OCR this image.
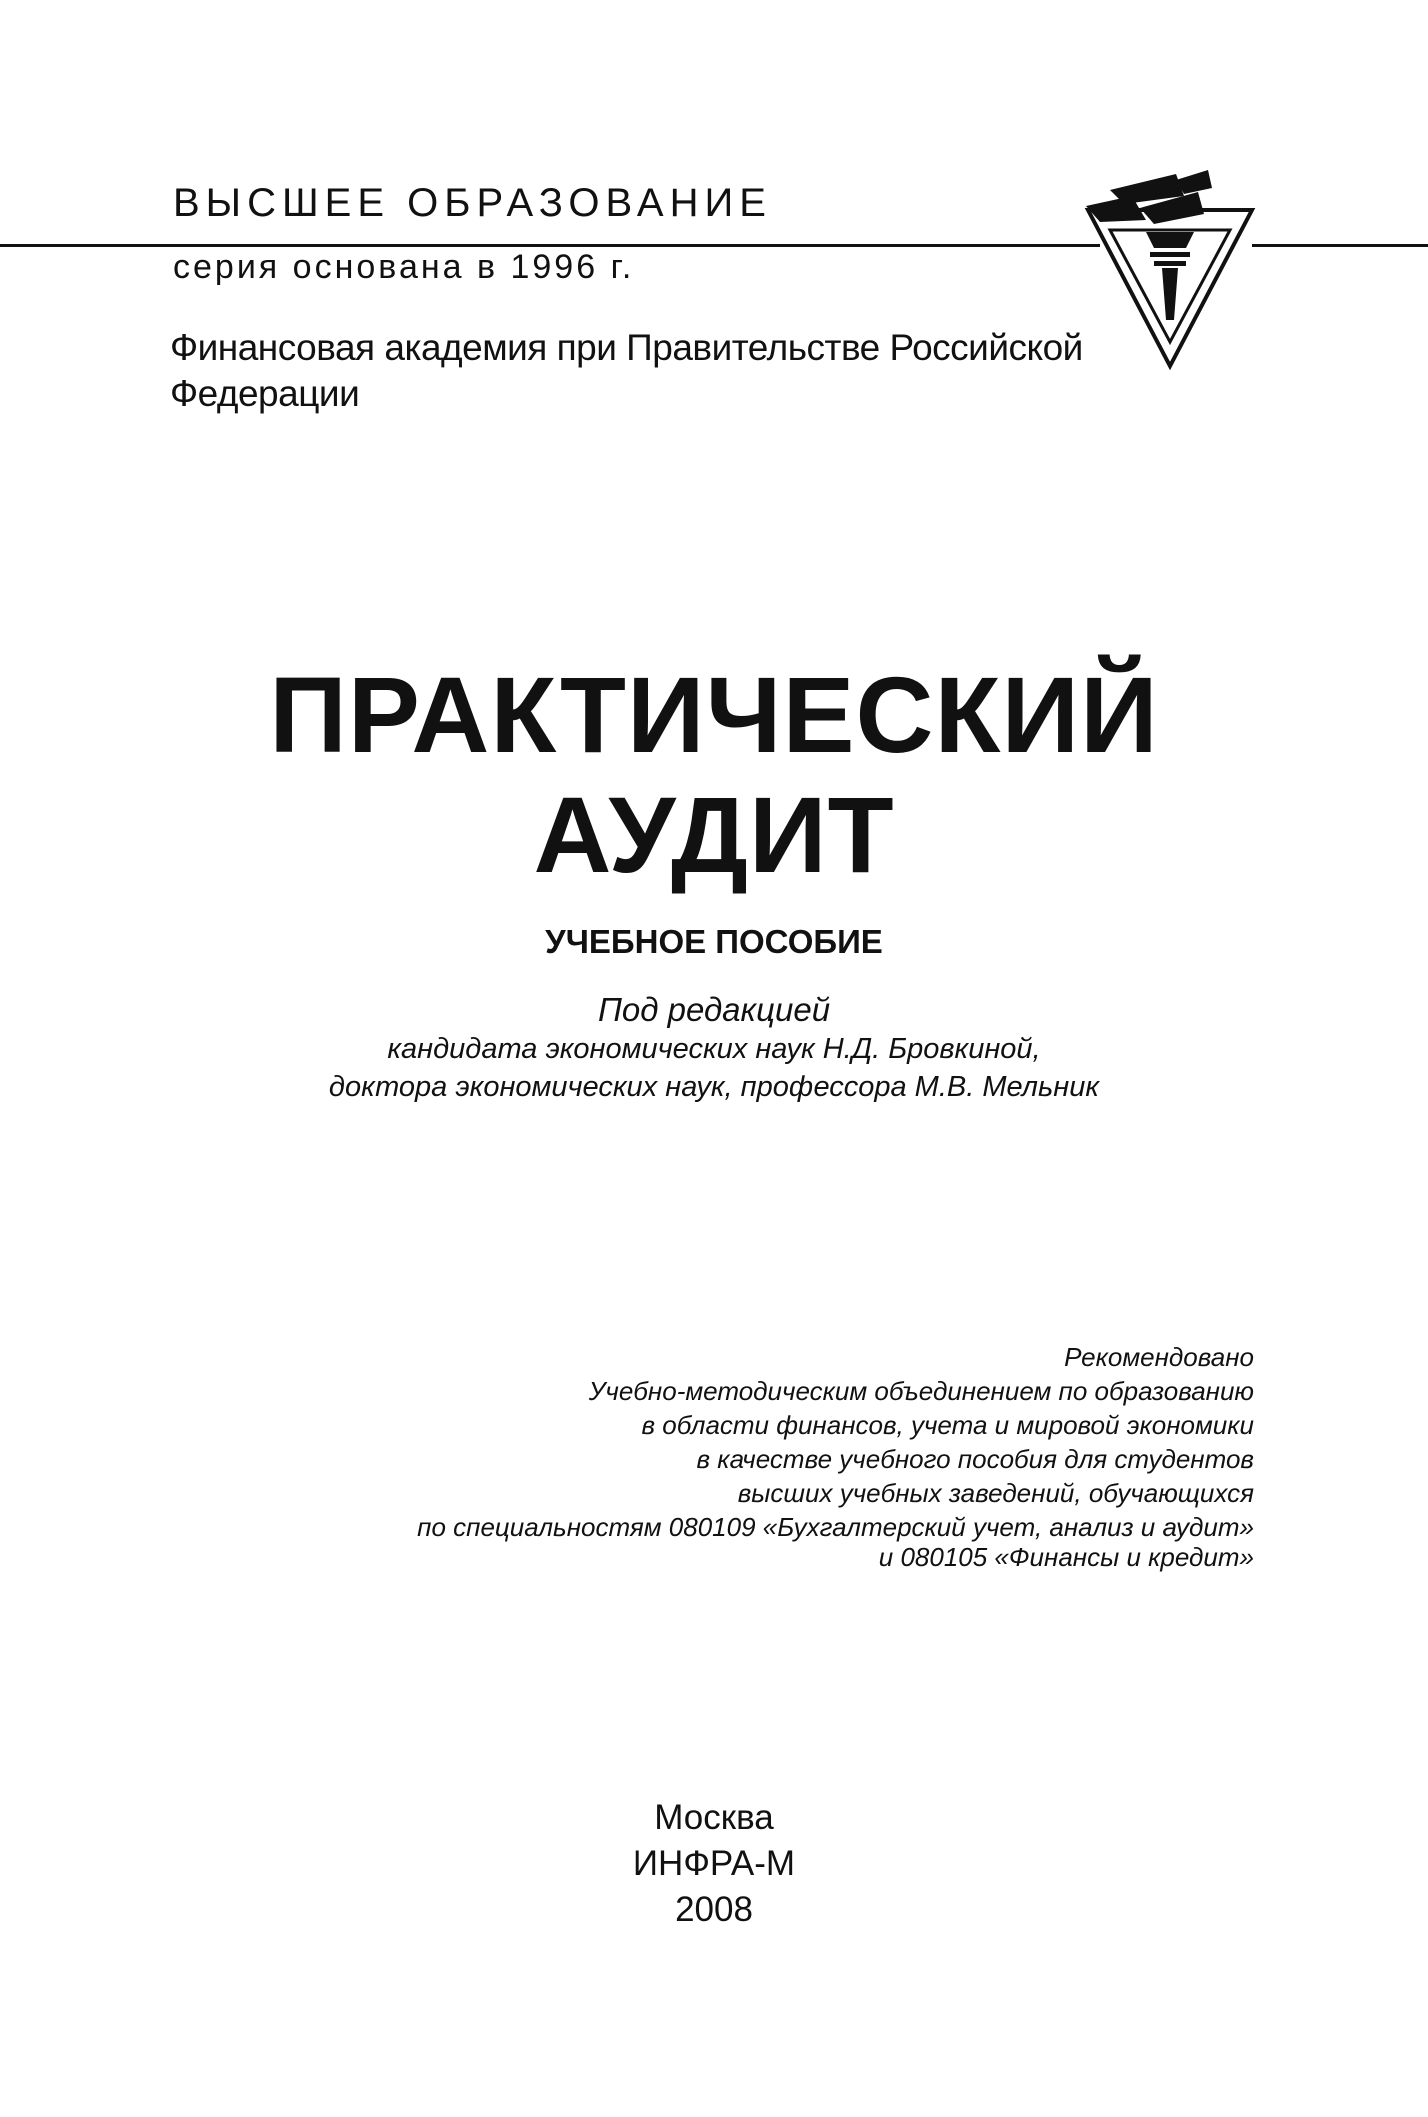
ВЫСШЕЕ ОБРАЗОВАНИЕ
серия основана в 1996 г.
Финансовая академия при Правительстве Российской
Федерации
ПРАКТИЧЕСКИЙ
АУДИТ
УЧЕБНОЕ ПОСОБИЕ
Под редакцией
кандидата экономических наук Н.Д. Бровкиной,
доктора экономических наук, профессора М.В. Мельник
Рекомендовано
Учебно-методическим объединением по образованию
в области финансов, учета и мировой экономики
в качестве учебного пособия для студентов
высших учебных заведений, обучающихся
по специальностям 080109 «Бухгалтерский учет, анализ и аудит»
и 080105 «Финансы и кредит»
Москва
ИНФРА-М
2008
